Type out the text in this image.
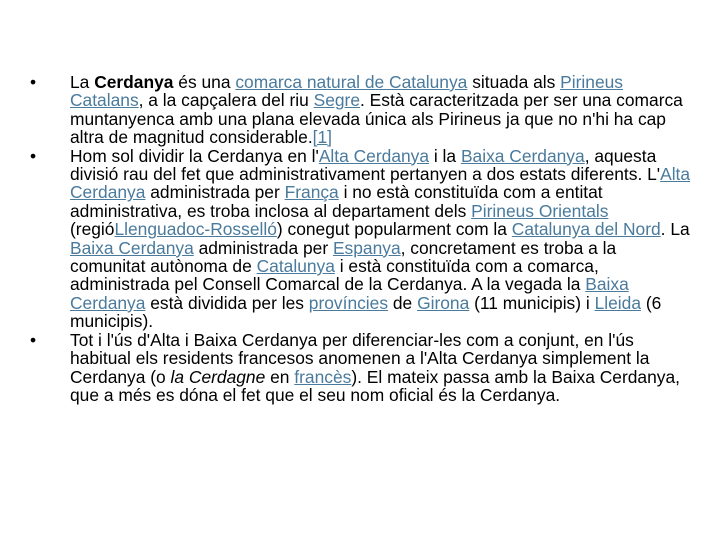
•	La Cerdanya és una comarca natural de Catalunya situada als Pirineus Catalans, a la capçalera del riu Segre. Està caracteritzada per ser una comarca muntanyenca amb una plana elevada única als Pirineus ja que no n'hi ha cap altra de magnitud considerable.[1]
•	Hom sol dividir la Cerdanya en l'Alta Cerdanya i la Baixa Cerdanya, aquesta divisió rau del fet que administrativament pertanyen a dos estats diferents. L'Alta Cerdanya administrada per França i no està constituïda com a entitat administrativa, es troba inclosa al departament dels Pirineus Orientals (regióLlenguadoc-Rosselló) conegut popularment com la Catalunya del Nord. La Baixa Cerdanya administrada per Espanya, concretament es troba a la comunitat autònoma de Catalunya i està constituïda com a comarca, administrada pel Consell Comarcal de la Cerdanya. A la vegada la Baixa Cerdanya està dividida per les províncies de Girona (11 municipis) i Lleida (6 municipis).
•	Tot i l'ús d'Alta i Baixa Cerdanya per diferenciar-les com a conjunt, en l'ús habitual els residents francesos anomenen a l'Alta Cerdanya simplement la Cerdanya (o la Cerdagne en francès). El mateix passa amb la Baixa Cerdanya, que a més es dóna el fet que el seu nom oficial és la Cerdanya.
